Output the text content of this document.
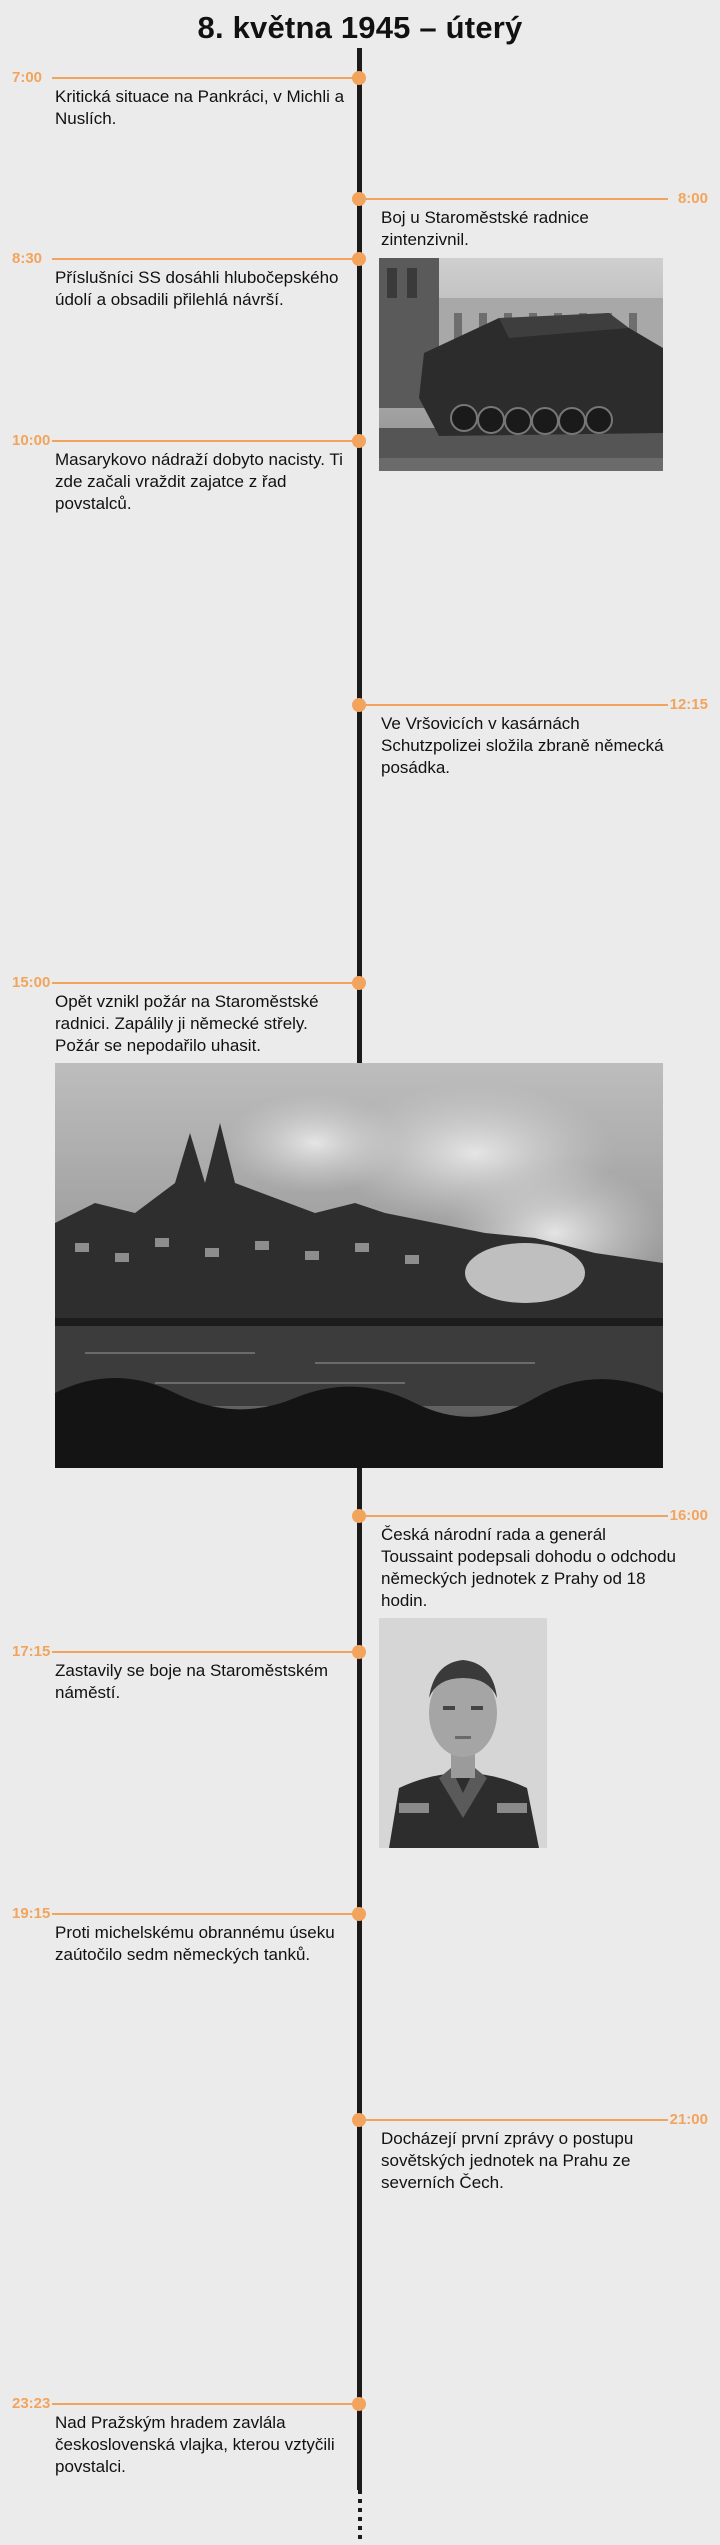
8. května 1945 – úterý
7:00
Kritická situace na Pankráci, v Michli a Nuslích.
8:00
Boj u Staroměstské radnice zintenzivnil.
8:30
Příslušníci SS dosáhli hlubočepského údolí a obsadili přilehlá návrší.
10:00
Masarykovo nádraží dobyto nacisty. Ti zde začali vraždit zajatce z řad povstalců.
12:15
Ve Vršovicích v kasárnách Schutzpolizei složila zbraně německá posádka.
15:00
Opět vznikl požár na Staroměstské radnici. Zapálily ji německé střely. Požár se nepodařilo uhasit.
16:00
Česká národní rada a generál Toussaint podepsali dohodu o odchodu německých jednotek z Prahy od 18 hodin.
17:15
Zastavily se boje na Staroměstském náměstí.
19:15
Proti michelskému obrannému úseku zaútočilo sedm německých tanků.
21:00
Docházejí první zprávy o postupu sovětských jednotek na Prahu ze severních Čech.
23:23
Nad Pražským hradem zavlála československá vlajka, kterou vztyčili povstalci.
